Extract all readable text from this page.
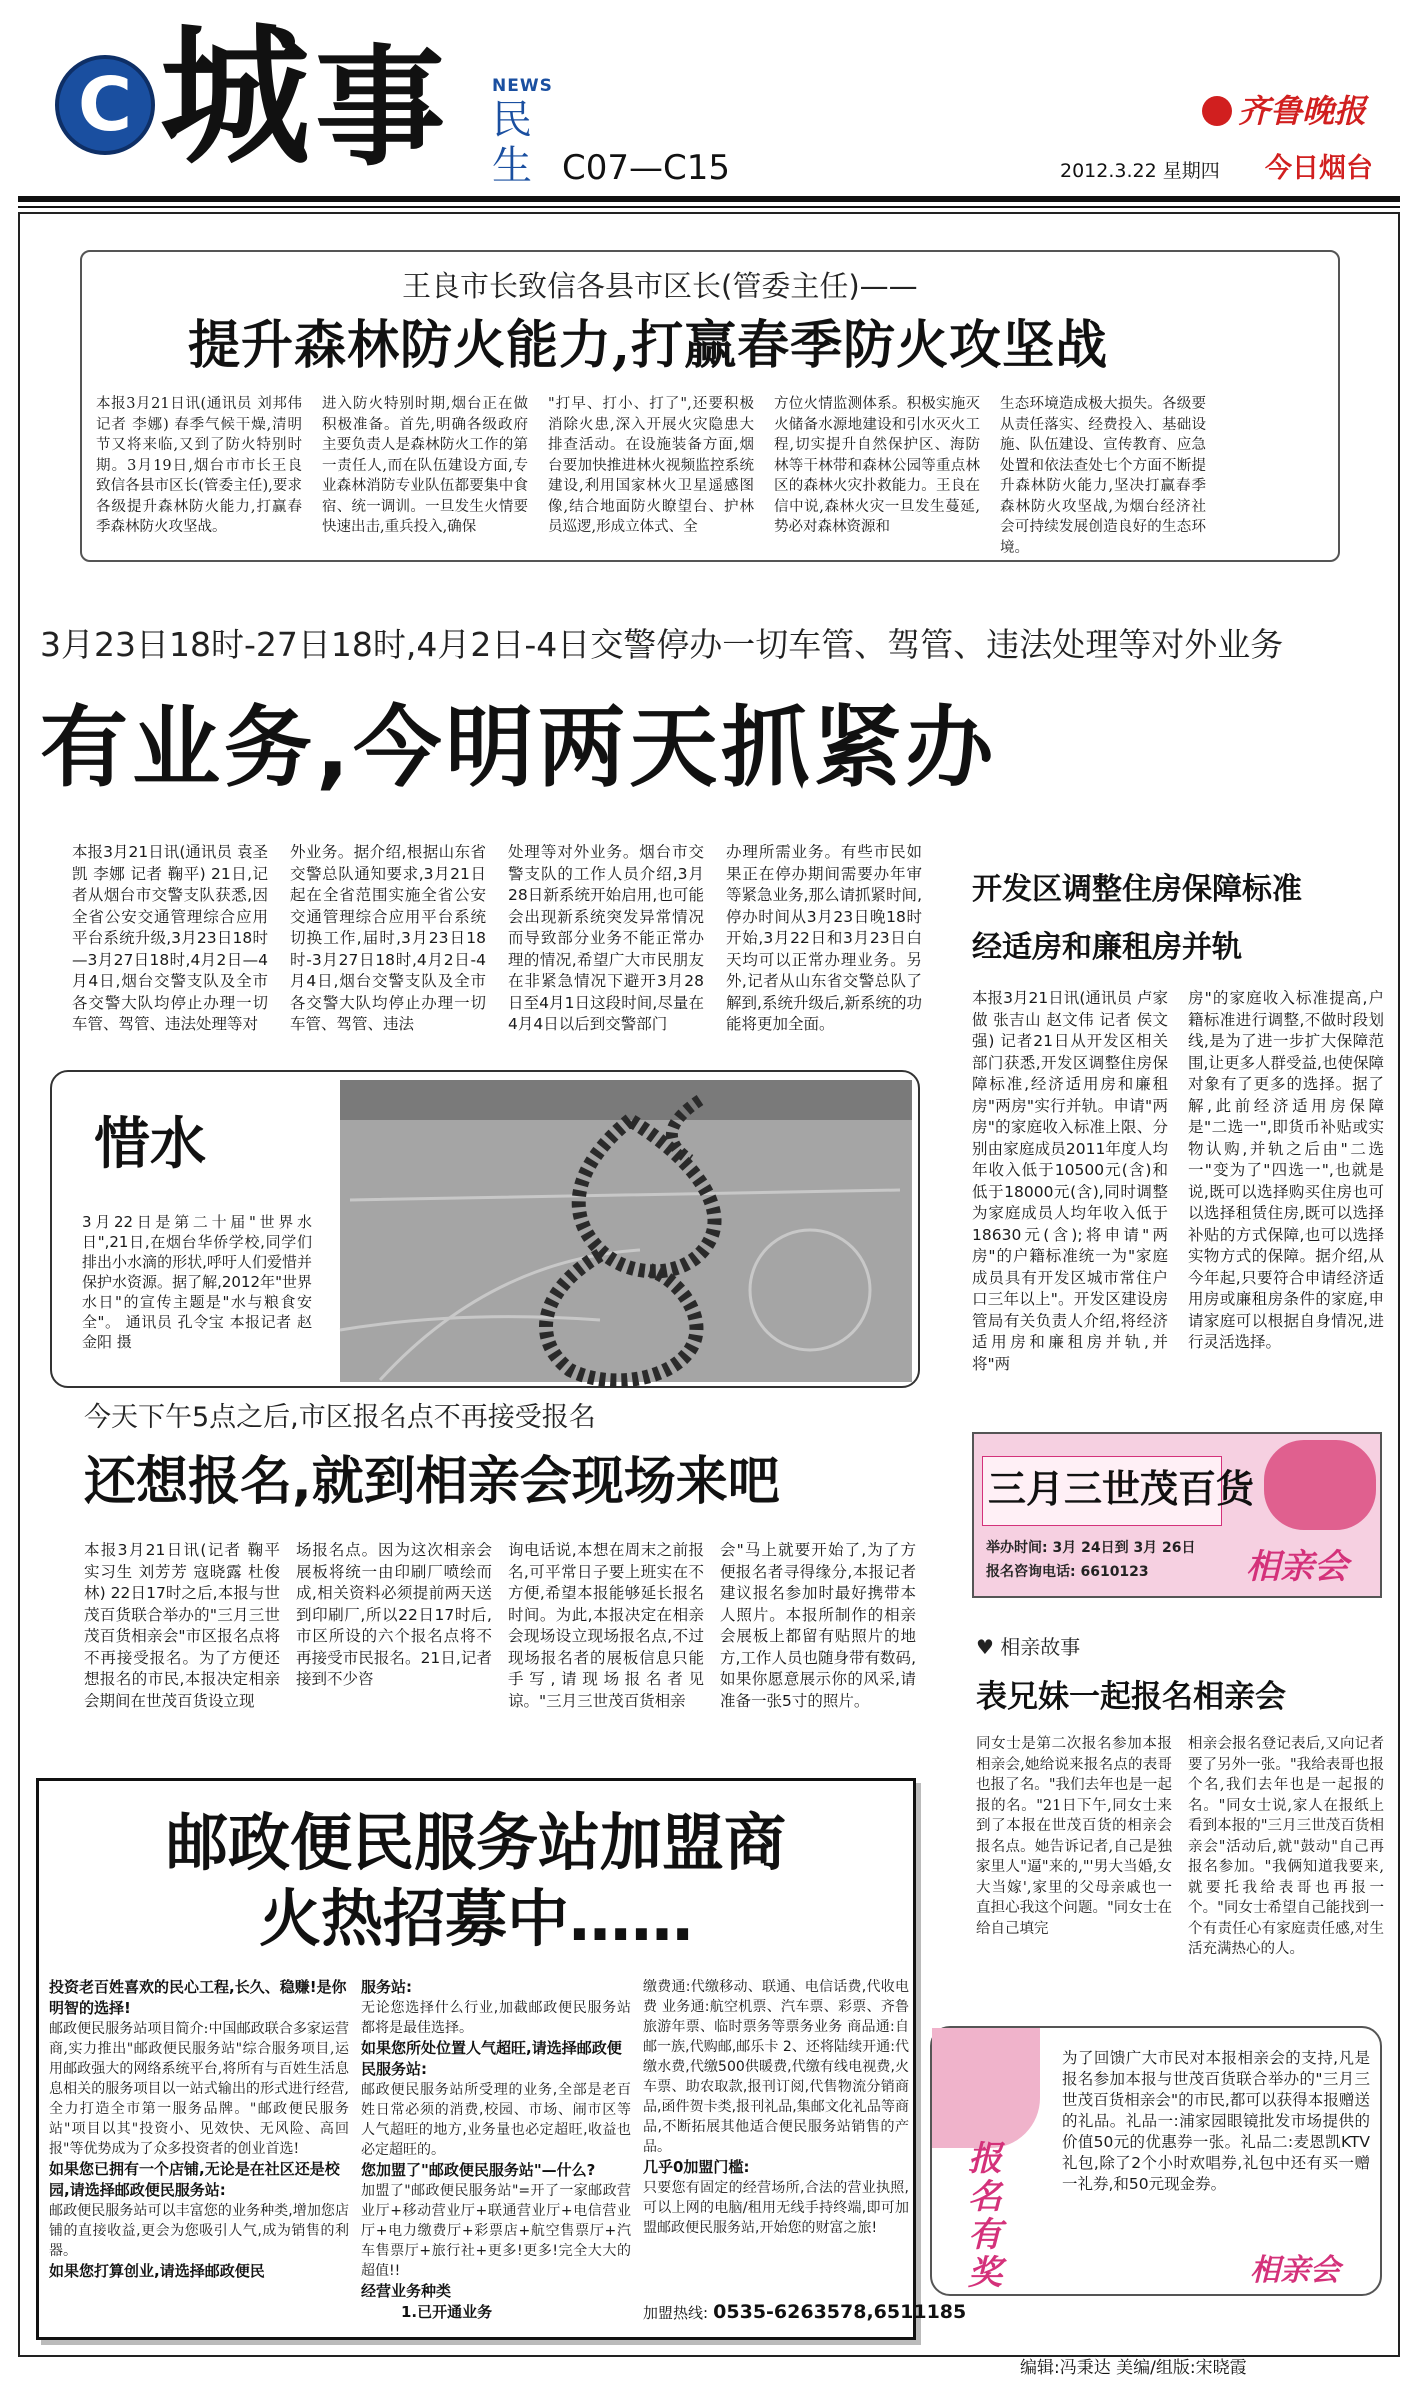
C 城 事	NEWS
民
生 C07—C15
齐鲁晚报
2012.3.22 星期四 今日烟台
王良市长致信各县市区长(管委主任)——
提升森林防火能力,打赢春季防火攻坚战
本报3月21日讯(通讯员 刘邦伟 记者 李娜) 春季气候干燥,清明节又将来临,又到了防火特别时期。3月19日,烟台市市长王良致信各县市区长(管委主任),要求各级提升森林防火能力,打赢春季森林防火攻坚战。
进入防火特别时期,烟台正在做积极准备。首先,明确各级政府主要负责人是森林防火工作的第一责任人,而在队伍建设方面,专业森林消防专业队伍都要集中食宿、统一调训。一旦发生火情要快速出击,重兵投入,确保
"打早、打小、打了",还要积极消除火患,深入开展火灾隐患大排查活动。在设施装备方面,烟台要加快推进林火视频监控系统建设,利用国家林火卫星遥感图像,结合地面防火瞭望台、护林员巡逻,形成立体式、全
方位火情监测体系。积极实施灭火储备水源地建设和引水灭火工程,切实提升自然保护区、海防林等干林带和森林公园等重点林区的森林火灾扑救能力。王良在信中说,森林火灾一旦发生蔓延,势必对森林资源和
生态环境造成极大损失。各级要从责任落实、经费投入、基础设施、队伍建设、宣传教育、应急处置和依法查处七个方面不断提升森林防火能力,坚决打赢春季森林防火攻坚战,为烟台经济社会可持续发展创造良好的生态环境。
3月23日18时-27日18时,4月2日-4日交警停办一切车管、驾管、违法处理等对外业务
有业务,今明两天抓紧办
本报3月21日讯(通讯员 袁圣凯 李娜 记者 鞠平) 21日,记者从烟台市交警支队获悉,因全省公安交通管理综合应用平台系统升级,3月23日18时—3月27日18时,4月2日—4月4日,烟台交警支队及全市各交警大队均停止办理一切车管、驾管、违法处理等对
外业务。据介绍,根据山东省交警总队通知要求,3月21日起在全省范围实施全省公安交通管理综合应用平台系统切换工作,届时,3月23日18时-3月27日18时,4月2日-4月4日,烟台交警支队及全市各交警大队均停止办理一切车管、驾管、违法
处理等对外业务。烟台市交警支队的工作人员介绍,3月28日新系统开始启用,也可能会出现新系统突发异常情况而导致部分业务不能正常办理的情况,希望广大市民朋友在非紧急情况下避开3月28日至4月1日这段时间,尽量在4月4日以后到交警部门
办理所需业务。有些市民如果正在停办期间需要办年审等紧急业务,那么请抓紧时间,停办时间从3月23日晚18时开始,3月22日和3月23日白天均可以正常办理业务。另外,记者从山东省交警总队了解到,系统升级后,新系统的功能将更加全面。
惜水
3月22日是第二十届"世界水日",21日,在烟台华侨学校,同学们排出小水滴的形状,呼吁人们爱惜并保护水资源。据了解,2012年"世界水日"的宣传主题是"水与粮食安全"。 通讯员 孔令宝 本报记者 赵金阳 摄
开发区调整住房保障标准
经适房和廉租房并轨
本报3月21日讯(通讯员 卢家做 张吉山 赵文伟 记者 侯文强) 记者21日从开发区相关部门获悉,开发区调整住房保障标准,经济适用房和廉租房"两房"实行并轨。申请"两房"的家庭收入标准上限、分别由家庭成员2011年度人均年收入低于10500元(含)和低于18000元(含),同时调整为家庭成员人均年收入低于18630元(含);将申请"两房"的户籍标准统一为"家庭成员具有开发区城市常住户口三年以上"。开发区建设房管局有关负责人介绍,将经济适用房和廉租房并轨,并将"两
房"的家庭收入标准提高,户籍标准进行调整,不做时段划线,是为了进一步扩大保障范围,让更多人群受益,也使保障对象有了更多的选择。据了解,此前经济适用房保障是"二选一",即货币补贴或实物认购,并轨之后由"二选一"变为了"四选一",也就是说,既可以选择购买住房也可以选择租赁住房,既可以选择补贴的方式保障,也可以选择实物方式的保障。据介绍,从今年起,只要符合申请经济适用房或廉租房条件的家庭,申请家庭可以根据自身情况,进行灵活选择。
三月三世茂百货
举办时间: 3月 24日到 3月 26日
报名咨询电话: 6610123	相亲会
今天下午5点之后,市区报名点不再接受报名
还想报名,就到相亲会现场来吧
本报3月21日讯(记者 鞠平 实习生 刘芳芳 寇晓露 杜俊林) 22日17时之后,本报与世茂百货联合举办的"三月三世茂百货相亲会"市区报名点将不再接受报名。为了方便还想报名的市民,本报决定相亲会期间在世茂百货设立现
场报名点。因为这次相亲会展板将统一由印刷厂喷绘而成,相关资料必须提前两天送到印刷厂,所以22日17时后,市区所设的六个报名点将不再接受市民报名。21日,记者接到不少咨
询电话说,本想在周末之前报名,可平常日子要上班实在不方便,希望本报能够延长报名时间。为此,本报决定在相亲会现场设立现场报名点,不过现场报名者的展板信息只能手写,请现场报名者见谅。"三月三世茂百货相亲
会"马上就要开始了,为了方便报名者寻得缘分,本报记者建议报名参加时最好携带本人照片。本报所制作的相亲会展板上都留有贴照片的地方,工作人员也随身带有数码,如果你愿意展示你的风采,请准备一张5寸的照片。
♥ 相亲故事
表兄妹一起报名相亲会
同女士是第二次报名参加本报相亲会,她给说来报名点的表哥也报了名。"我们去年也是一起报的名。"21日下午,同女士来到了本报在世茂百货的相亲会报名点。她告诉记者,自己是独家里人"逼"来的,"'男大当婚,女大当嫁',家里的父母亲戚也一直担心我这个问题。"同女士在给自己填完
相亲会报名登记表后,又向记者要了另外一张。"我给表哥也报个名,我们去年也是一起报的名。"同女士说,家人在报纸上看到本报的"三月三世茂百货相亲会"活动后,就"鼓动"自己再报名参加。"我俩知道我要来,就要托我给表哥也再报一个。"同女士希望自己能找到一个有责任心有家庭责任感,对生活充满热心的人。
邮政便民服务站加盟商
火热招募中……
投资老百姓喜欢的民心工程,长久、稳赚!是你明智的选择!
邮政便民服务站项目简介:中国邮政联合多家运营商,实力推出"邮政便民服务站"综合服务项目,运用邮政强大的网络系统平台,将所有与百姓生活息息相关的服务项目以一站式输出的形式进行经营,全力打造全市第一服务品牌。"邮政便民服务站"项目以其"投资小、见效快、无风险、高回报"等优势成为了众多投资者的创业首选!
如果您已拥有一个店铺,无论是在社区还是校园,请选择邮政便民服务站:
邮政便民服务站可以丰富您的业务种类,增加您店铺的直接收益,更会为您吸引人气,成为销售的利器。
如果您打算创业,请选择邮政便民
服务站:
无论您选择什么行业,加截邮政便民服务站都将是最佳选择。
如果您所处位置人气超旺,请选择邮政便民服务站:
邮政便民服务站所受理的业务,全部是老百姓日常必须的消费,校园、市场、闹市区等人气超旺的地方,业务量也必定超旺,收益也必定超旺的。
您加盟了"邮政便民服务站"—什么?
加盟了"邮政便民服务站"=开了一家邮政营业厅+移动营业厅+联通营业厅+电信营业厅+电力缴费厅+彩票店+航空售票厅+汽车售票厅+旅行社+更多!更多!完全大大的超值!!
经营业务种类
1.已开通业务
缴费通:代缴移动、联通、电信话费,代收电费 业务通:航空机票、汽车票、彩票、齐鲁旅游年票、临时票务等票务业务 商品通:自邮一族,代购邮,邮乐卡 2、还将陆续开通:代缴水费,代缴500供暖费,代缴有线电视费,火车票、助农取款,报刊订阅,代售物流分销商品,函件贺卡类,报刊礼品,集邮文化礼品等商品,不断拓展其他适合便民服务站销售的产品。
几乎0加盟门槛:
只要您有固定的经营场所,合法的营业执照,可以上网的电脑/租用无线手持终端,即可加盟邮政便民服务站,开始您的财富之旅!
加盟热线: 0535-6263578,6511185
报名有奖
为了回馈广大市民对本报相亲会的支持,凡是报名参加本报与世茂百货联合举办的"三月三世茂百货相亲会"的市民,都可以获得本报赠送的礼品。礼品一:浦家园眼镜批发市场提供的价值50元的优惠券一张。礼品二:麦恩凯KTV礼包,除了2个小时欢唱券,礼包中还有买一赠一礼券,和50元现金券。
相亲会
编辑:冯秉达 美编/组版:宋晓霞
